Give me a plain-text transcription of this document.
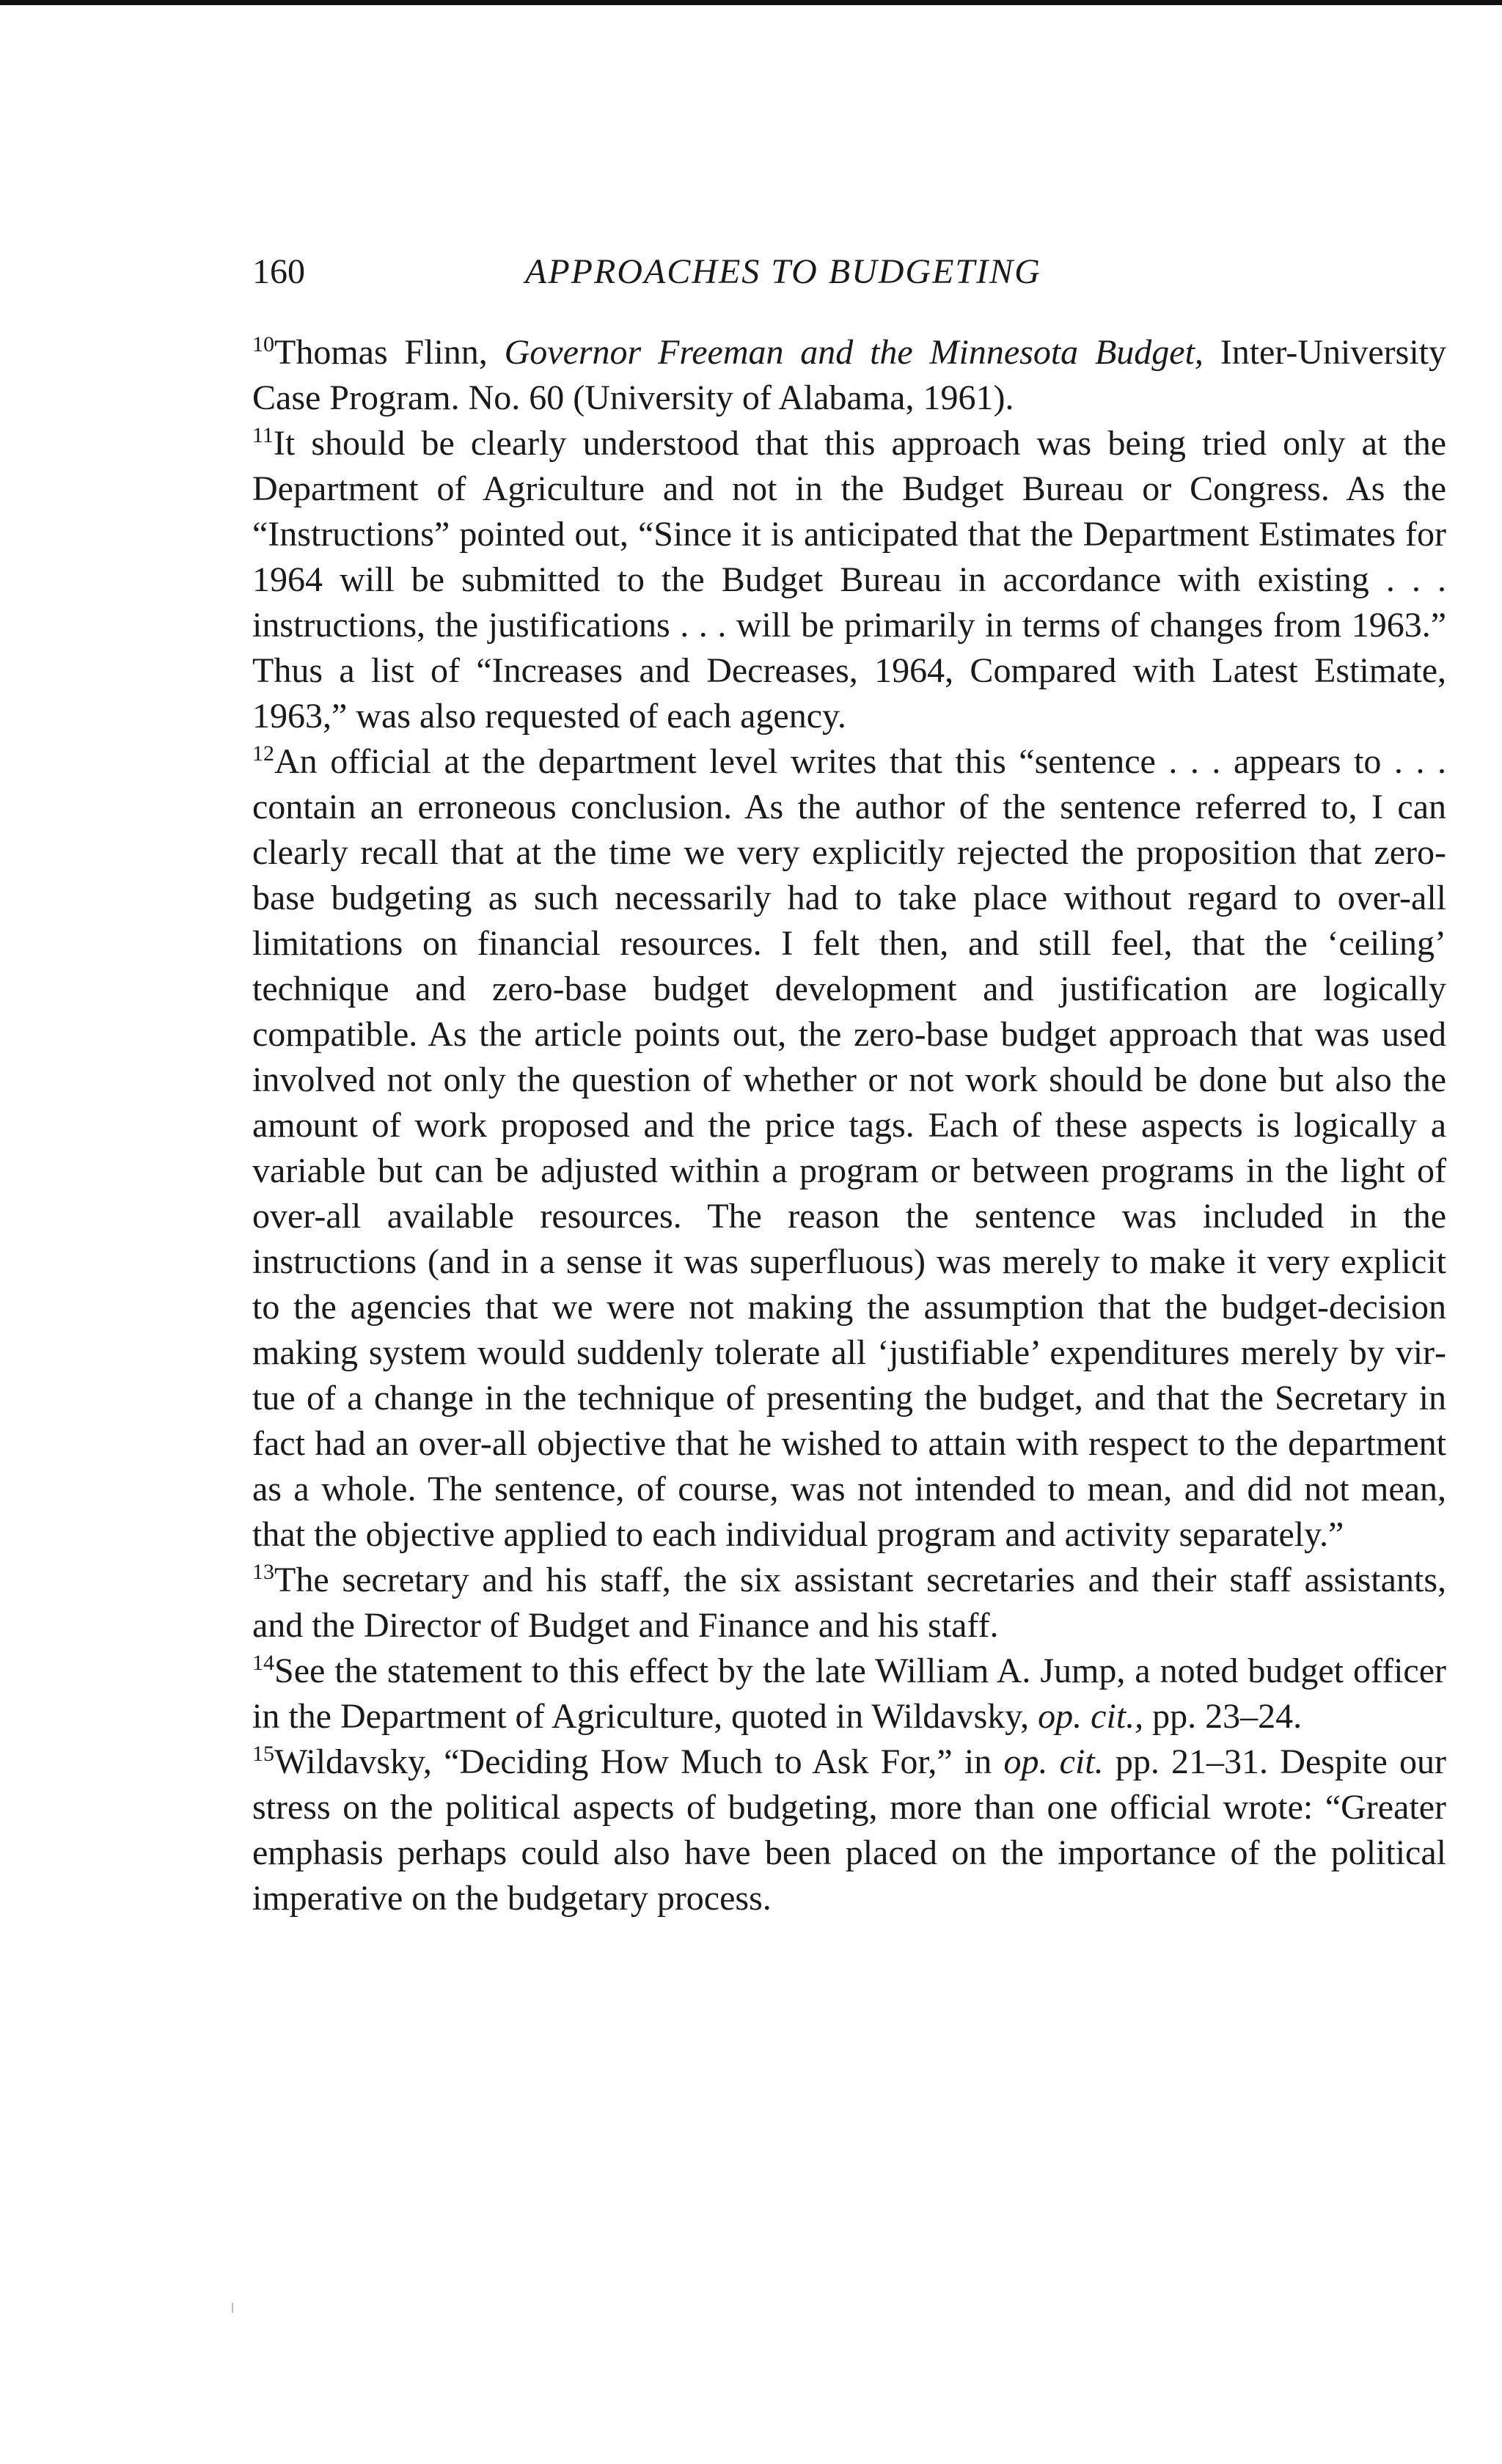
160	APPROACHES TO BUDGETING

$^{10}$Thomas Flinn, Governor Freeman and the Minnesota Budget, Inter-University Case Program. No. 60 (University of Alabama, 1961).

$^{11}$It should be clearly understood that this approach was being tried only at the Department of Agriculture and not in the Budget Bureau or Congress. As the “Instructions” pointed out, “Since it is anticipated that the Department Estimates for 1964 will be submitted to the Budget Bureau in accordance with existing . . . instructions, the justifications . . . will be primarily in terms of changes from 1963.” Thus a list of “Increases and Decreases, 1964, Compared with Latest Estimate, 1963,” was also requested of each agency.

$^{12}$An official at the department level writes that this “sentence . . . appears to . . . contain an erroneous conclusion. As the author of the sentence referred to, I can clearly recall that at the time we very explicitly rejected the proposition that zero-base budgeting as such necessarily had to take place without regard to over-all limitations on financial resources. I felt then, and still feel, that the ‘ceiling’ technique and zero-base budget development and justification are logically compatible. As the article points out, the zero-base budget approach that was used involved not only the question of whether or not work should be done but also the amount of work proposed and the price tags. Each of these aspects is logically a variable but can be adjusted within a program or between programs in the light of over-all available resources. The reason the sentence was included in the instructions (and in a sense it was superfluous) was merely to make it very explicit to the agencies that we were not making the assumption that the budget-decision making system would suddenly tolerate all ‘justifiable’ expenditures merely by virtue of a change in the technique of presenting the budget, and that the Secretary in fact had an over-all objective that he wished to attain with respect to the department as a whole. The sentence, of course, was not intended to mean, and did not mean, that the objective applied to each individual program and activity separately.”

$^{13}$The secretary and his staff, the six assistant secretaries and their staff assistants, and the Director of Budget and Finance and his staff.

$^{14}$See the statement to this effect by the late William A. Jump, a noted budget officer in the Department of Agriculture, quoted in Wildavsky, op. cit., pp. 23–24.

$^{15}$Wildavsky, “Deciding How Much to Ask For,” in op. cit. pp. 21–31. Despite our stress on the political aspects of budgeting, more than one official wrote: “Greater emphasis perhaps could also have been placed on the importance of the political imperative on the budgetary process.
